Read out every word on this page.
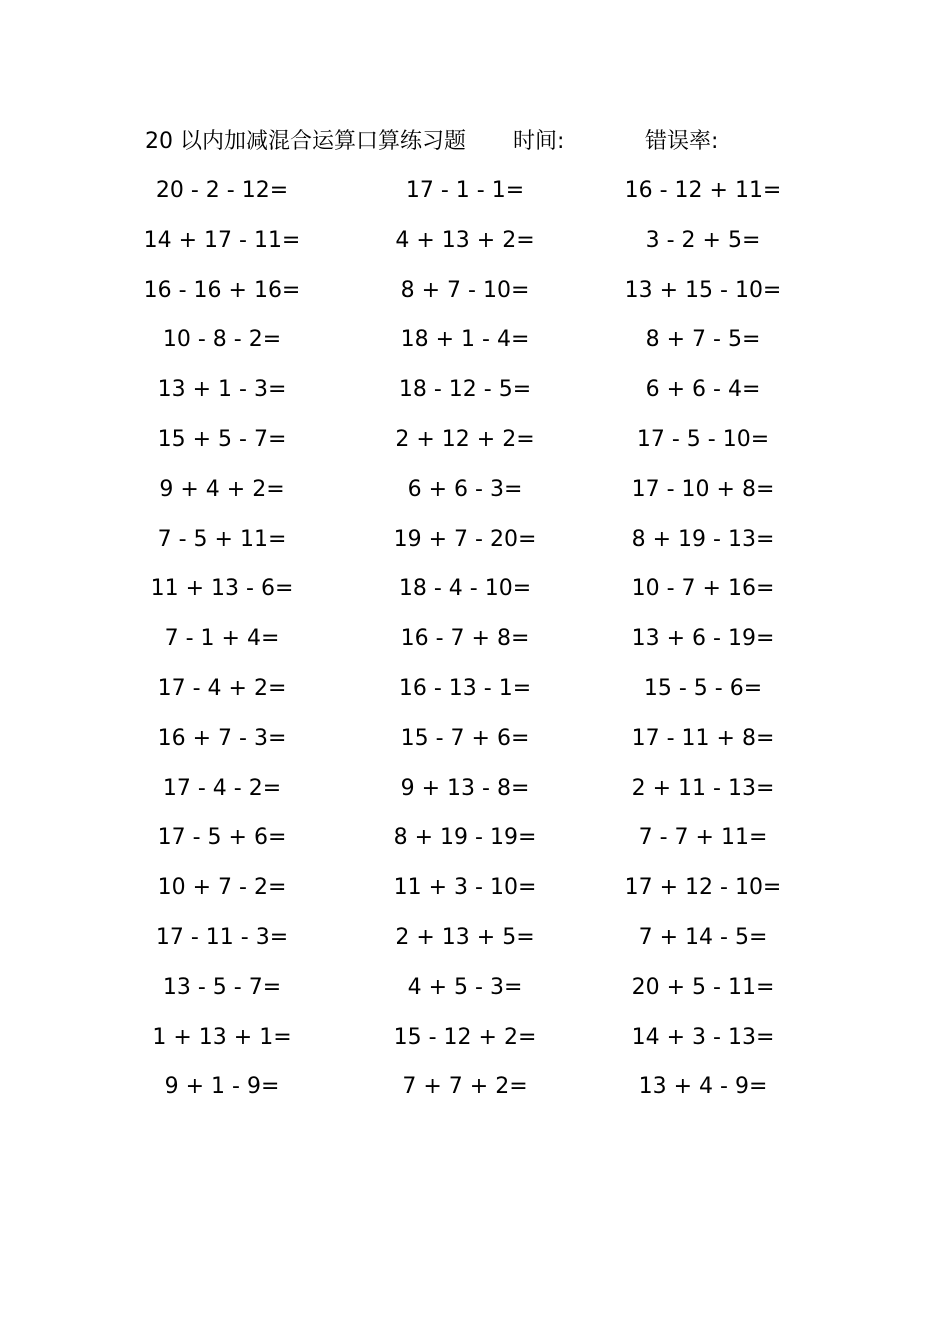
20 以内加减混合运算口算练习题 时间:	错误率:
20 - 2 - 12=	17 - 1 - 1=	16 - 12 + 11=
14 + 17 - 11=	4 + 13 + 2=	3 - 2 + 5=
16 - 16 + 16=	8 + 7 - 10=	13 + 15 - 10=
10 - 8 - 2=	18 + 1 - 4=	8 + 7 - 5=
13 + 1 - 3=	18 - 12 - 5=	6 + 6 - 4=
15 + 5 - 7=	2 + 12 + 2=	17 - 5 - 10=
9 + 4 + 2=	6 + 6 - 3=	17 - 10 + 8=
7 - 5 + 11=	19 + 7 - 20=	8 + 19 - 13=
11 + 13 - 6=	18 - 4 - 10=	10 - 7 + 16=
7 - 1 + 4=	16 - 7 + 8=	13 + 6 - 19=
17 - 4 + 2=	16 - 13 - 1=	15 - 5 - 6=
16 + 7 - 3=	15 - 7 + 6=	17 - 11 + 8=
17 - 4 - 2=	9 + 13 - 8=	2 + 11 - 13=
17 - 5 + 6=	8 + 19 - 19=	7 - 7 + 11=
10 + 7 - 2=	11 + 3 - 10=	17 + 12 - 10=
17 - 11 - 3=	2 + 13 + 5=	7 + 14 - 5=
13 - 5 - 7=	4 + 5 - 3=	20 + 5 - 11=
1 + 13 + 1=	15 - 12 + 2=	14 + 3 - 13=
9 + 1 - 9=	7 + 7 + 2=	13 + 4 - 9=
